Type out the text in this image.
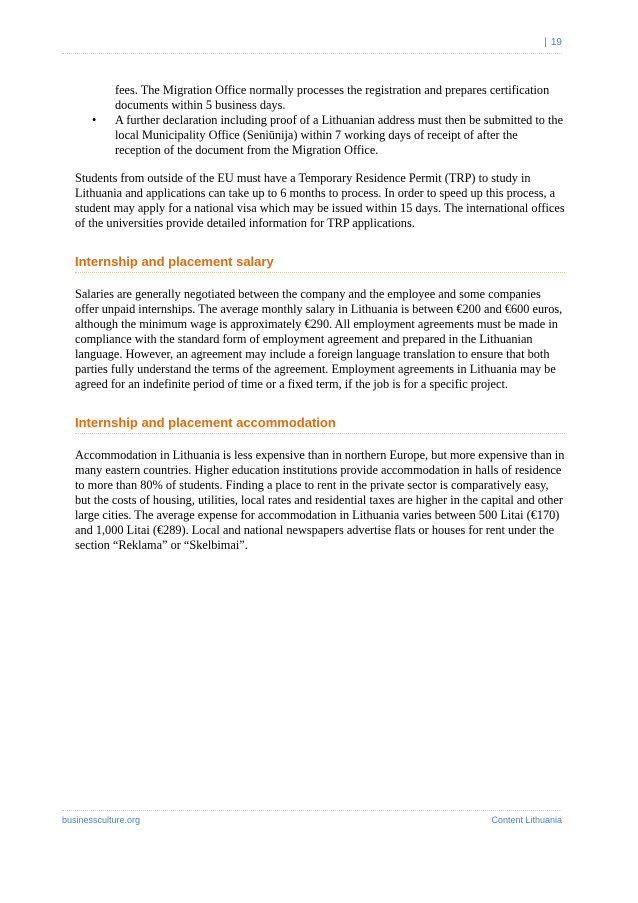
| 19
fees. The Migration Office normally processes the registration and prepares certification documents within 5 business days.
• A further declaration including proof of a Lithuanian address must then be submitted to the local Municipality Office (Seniūnija) within 7 working days of receipt of after the reception of the document from the Migration Office.

Students from outside of the EU must have a Temporary Residence Permit (TRP) to study in Lithuania and applications can take up to 6 months to process. In order to speed up this process, a student may apply for a national visa which may be issued within 15 days. The international offices of the universities provide detailed information for TRP applications.

Internship and placement salary

Salaries are generally negotiated between the company and the employee and some companies offer unpaid internships. The average monthly salary in Lithuania is between €200 and €600 euros, although the minimum wage is approximately €290. All employment agreements must be made in compliance with the standard form of employment agreement and prepared in the Lithuanian language. However, an agreement may include a foreign language translation to ensure that both parties fully understand the terms of the agreement. Employment agreements in Lithuania may be agreed for an indefinite period of time or a fixed term, if the job is for a specific project.

Internship and placement accommodation

Accommodation in Lithuania is less expensive than in northern Europe, but more expensive than in many eastern countries. Higher education institutions provide accommodation in halls of residence to more than 80% of students. Finding a place to rent in the private sector is comparatively easy, but the costs of housing, utilities, local rates and residential taxes are higher in the capital and other large cities. The average expense for accommodation in Lithuania varies between 500 Litai (€170) and 1,000 Litai (€289). Local and national newspapers advertise flats or houses for rent under the section “Reklama” or “Skelbimai”.

businessculture.org	Content Lithuania
